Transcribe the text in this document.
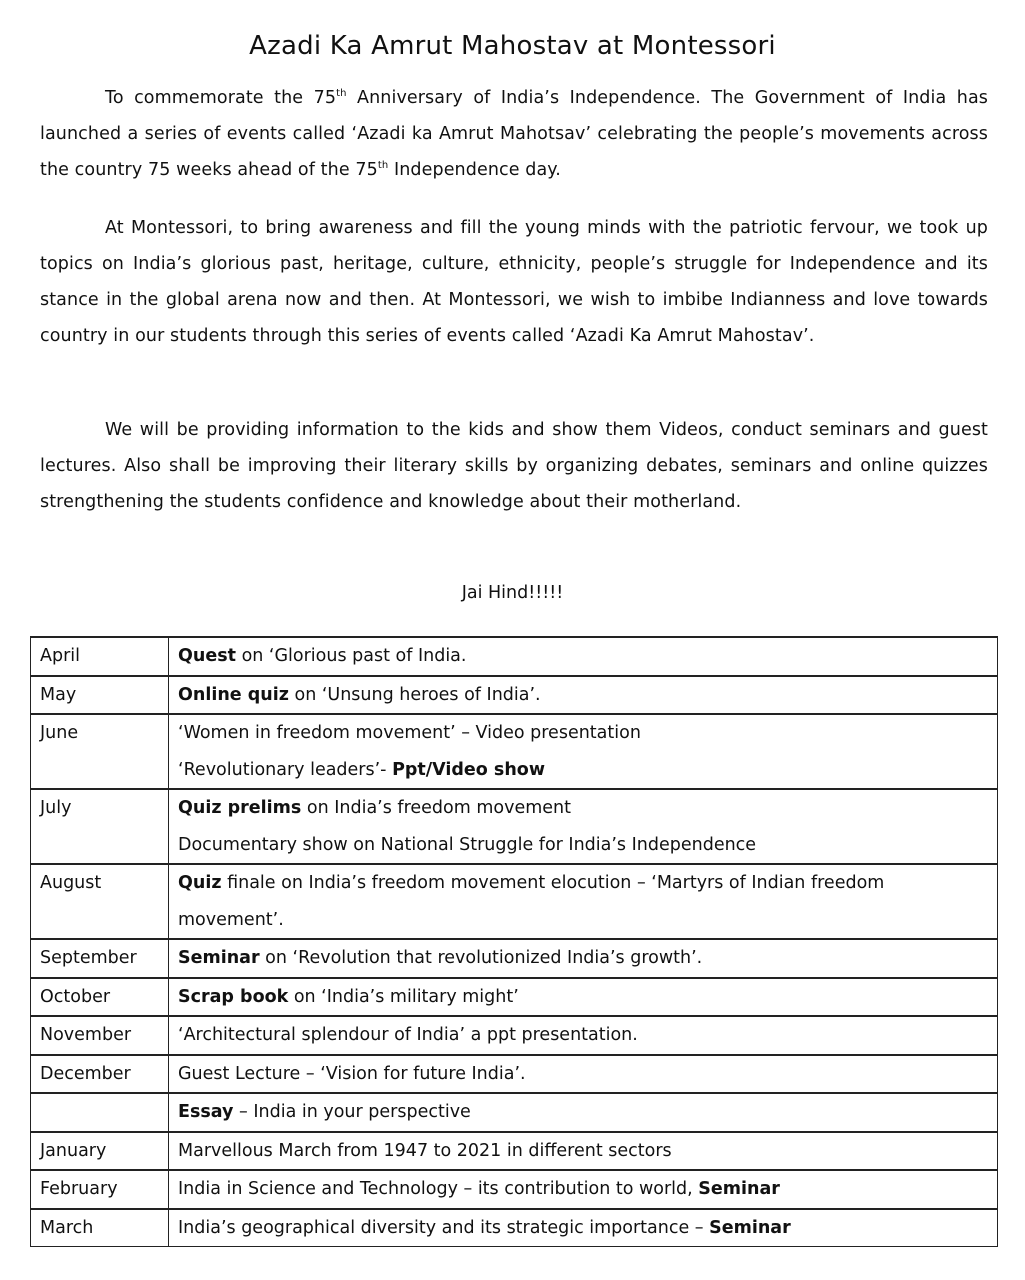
Azadi Ka Amrut Mahostav at Montessori

To commemorate the 75th Anniversary of India’s Independence. The Government of India has launched a series of events called ‘Azadi ka Amrut Mahotsav’ celebrating the people’s movements across the country 75 weeks ahead of the 75th Independence day.

At Montessori, to bring awareness and fill the young minds with the patriotic fervour, we took up topics on India’s glorious past, heritage, culture, ethnicity, people’s struggle for Independence and its stance in the global arena now and then. At Montessori, we wish to imbibe Indianness and love towards country in our students through this series of events called ‘Azadi Ka Amrut Mahostav’.

We will be providing information to the kids and show them Videos, conduct seminars and guest lectures. Also shall be improving their literary skills by organizing debates, seminars and online quizzes strengthening the students confidence and knowledge about their motherland.

Jai Hind!!!!!
April	Quest on ‘Glorious past of India.

May	Online quiz on ‘Unsung heroes of India’.

June	‘Women in freedom movement’ – Video presentation
‘Revolutionary leaders’- Ppt/Video show

July	Quiz prelims on India’s freedom movement
Documentary show on National Struggle for India’s Independence

August	Quiz finale on India’s freedom movement elocution – ‘Martyrs of Indian freedom movement’.

September	Seminar on ‘Revolution that revolutionized India’s growth’.

October	Scrap book on ‘India’s military might’

November	‘Architectural splendour of India’ a ppt presentation.

December	Guest Lecture – ‘Vision for future India’.

	Essay – India in your perspective

January	Marvellous March from 1947 to 2021 in different sectors

February	India in Science and Technology – its contribution to world, Seminar

March	India’s geographical diversity and its strategic importance – Seminar
